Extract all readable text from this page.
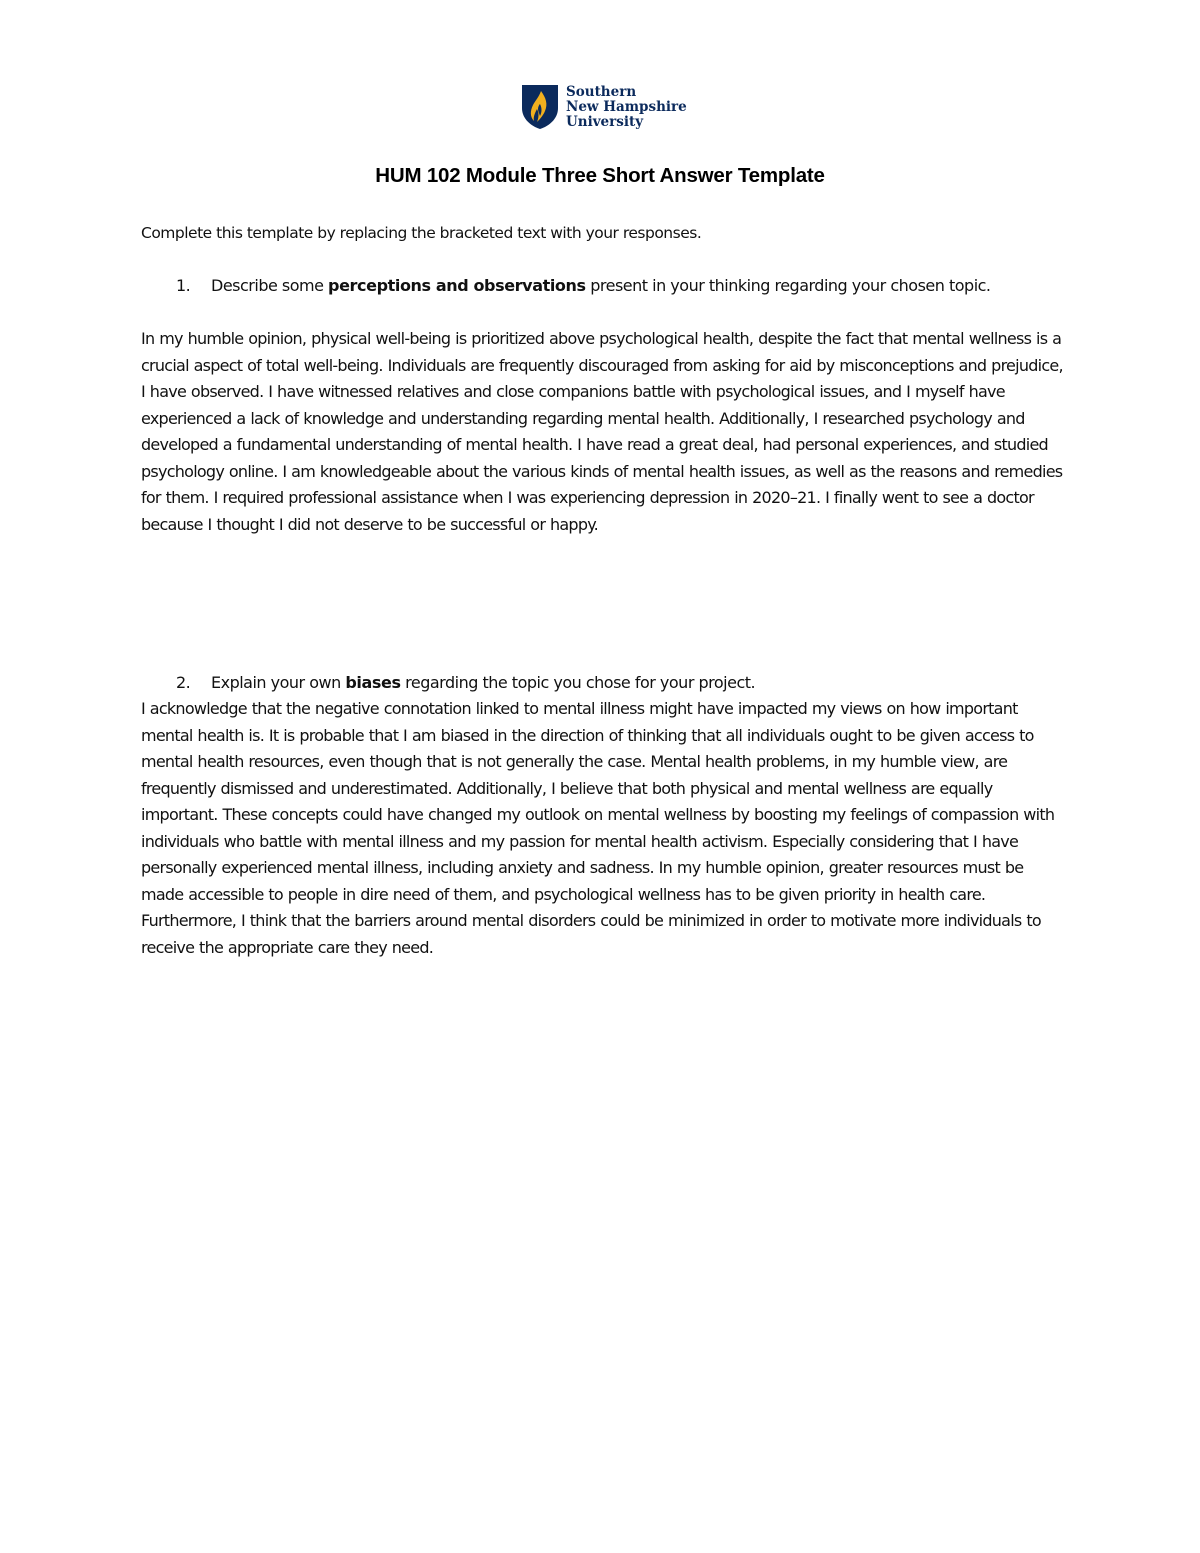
Southern
New Hampshire
University
HUM 102 Module Three Short Answer Template
Complete this template by replacing the bracketed text with your responses.
1. Describe some perceptions and observations present in your thinking regarding your chosen topic.
In my humble opinion, physical well-being is prioritized above psychological health, despite the fact that mental wellness is a crucial aspect of total well-being. Individuals are frequently discouraged from asking for aid by misconceptions and prejudice, I have observed. I have witnessed relatives and close companions battle with psychological issues, and I myself have experienced a lack of knowledge and understanding regarding mental health. Additionally, I researched psychology and developed a fundamental understanding of mental health. I have read a great deal, had personal experiences, and studied psychology online. I am knowledgeable about the various kinds of mental health issues, as well as the reasons and remedies for them. I required professional assistance when I was experiencing depression in 2020–21. I finally went to see a doctor because I thought I did not deserve to be successful or happy.
2. Explain your own biases regarding the topic you chose for your project.
I acknowledge that the negative connotation linked to mental illness might have impacted my views on how important mental health is. It is probable that I am biased in the direction of thinking that all individuals ought to be given access to mental health resources, even though that is not generally the case. Mental health problems, in my humble view, are frequently dismissed and underestimated. Additionally, I believe that both physical and mental wellness are equally important. These concepts could have changed my outlook on mental wellness by boosting my feelings of compassion with individuals who battle with mental illness and my passion for mental health activism. Especially considering that I have personally experienced mental illness, including anxiety and sadness. In my humble opinion, greater resources must be made accessible to people in dire need of them, and psychological wellness has to be given priority in health care. Furthermore, I think that the barriers around mental disorders could be minimized in order to motivate more individuals to receive the appropriate care they need.
